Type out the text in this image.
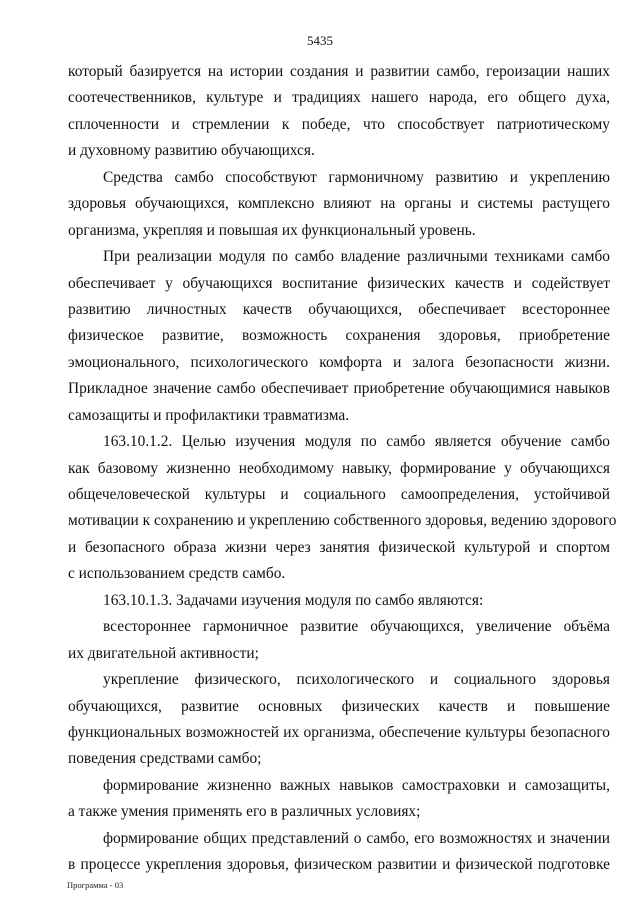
5435
который базируется на истории создания и развитии самбо, героизации наших
соотечественников, культуре и традициях нашего народа, его общего духа,
сплоченности и стремлении к победе, что способствует патриотическому
и духовному развитию обучающихся.
Средства самбо способствуют гармоничному развитию и укреплению
здоровья обучающихся, комплексно влияют на органы и системы растущего
организма, укрепляя и повышая их функциональный уровень.
При реализации модуля по самбо владение различными техниками самбо
обеспечивает у обучающихся воспитание физических качеств и содействует
развитию личностных качеств обучающихся, обеспечивает всестороннее
физическое развитие, возможность сохранения здоровья, приобретение
эмоционального, психологического комфорта и залога безопасности жизни.
Прикладное значение самбо обеспечивает приобретение обучающимися навыков
самозащиты и профилактики травматизма.
163.10.1.2. Целью изучения модуля по самбо является обучение самбо
как базовому жизненно необходимому навыку, формирование у обучающихся
общечеловеческой культуры и социального самоопределения, устойчивой
мотивации к сохранению и укреплению собственного здоровья, ведению здорового
и безопасного образа жизни через занятия физической культурой и спортом
с использованием средств самбо.
163.10.1.3. Задачами изучения модуля по самбо являются:
всестороннее гармоничное развитие обучающихся, увеличение объёма
их двигательной активности;
укрепление физического, психологического и социального здоровья
обучающихся, развитие основных физических качеств и повышение
функциональных возможностей их организма, обеспечение культуры безопасного
поведения средствами самбо;
формирование жизненно важных навыков самостраховки и самозащиты,
а также умения применять его в различных условиях;
формирование общих представлений о самбо, его возможностях и значении
в процессе укрепления здоровья, физическом развитии и физической подготовке
Программа - 03
